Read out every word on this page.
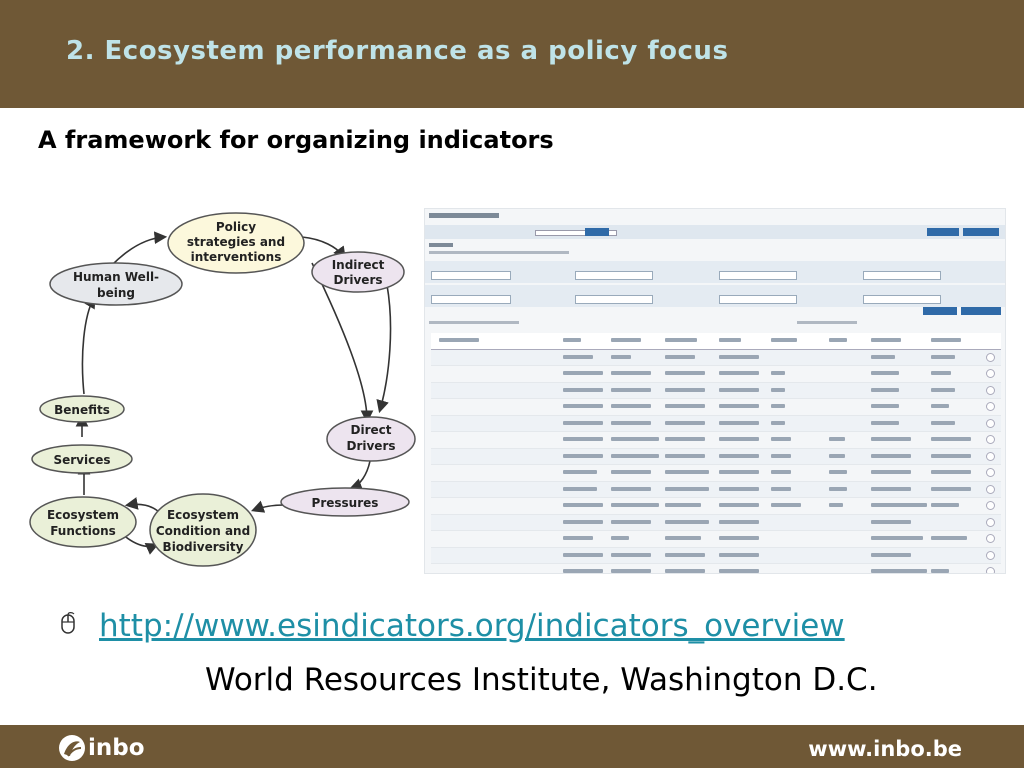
2. Ecosystem performance as a policy focus
A framework for organizing indicators
Policy
strategies and
interventions
Indirect
Drivers
Direct
Drivers
Pressures
Ecosystem
Condition and
Biodiversity
Ecosystem
Functions
Services
Benefits
Human Well-
being
http://www.esindicators.org/indicators_overview
World Resources Institute, Washington D.C.
inbo	www.inbo.be
